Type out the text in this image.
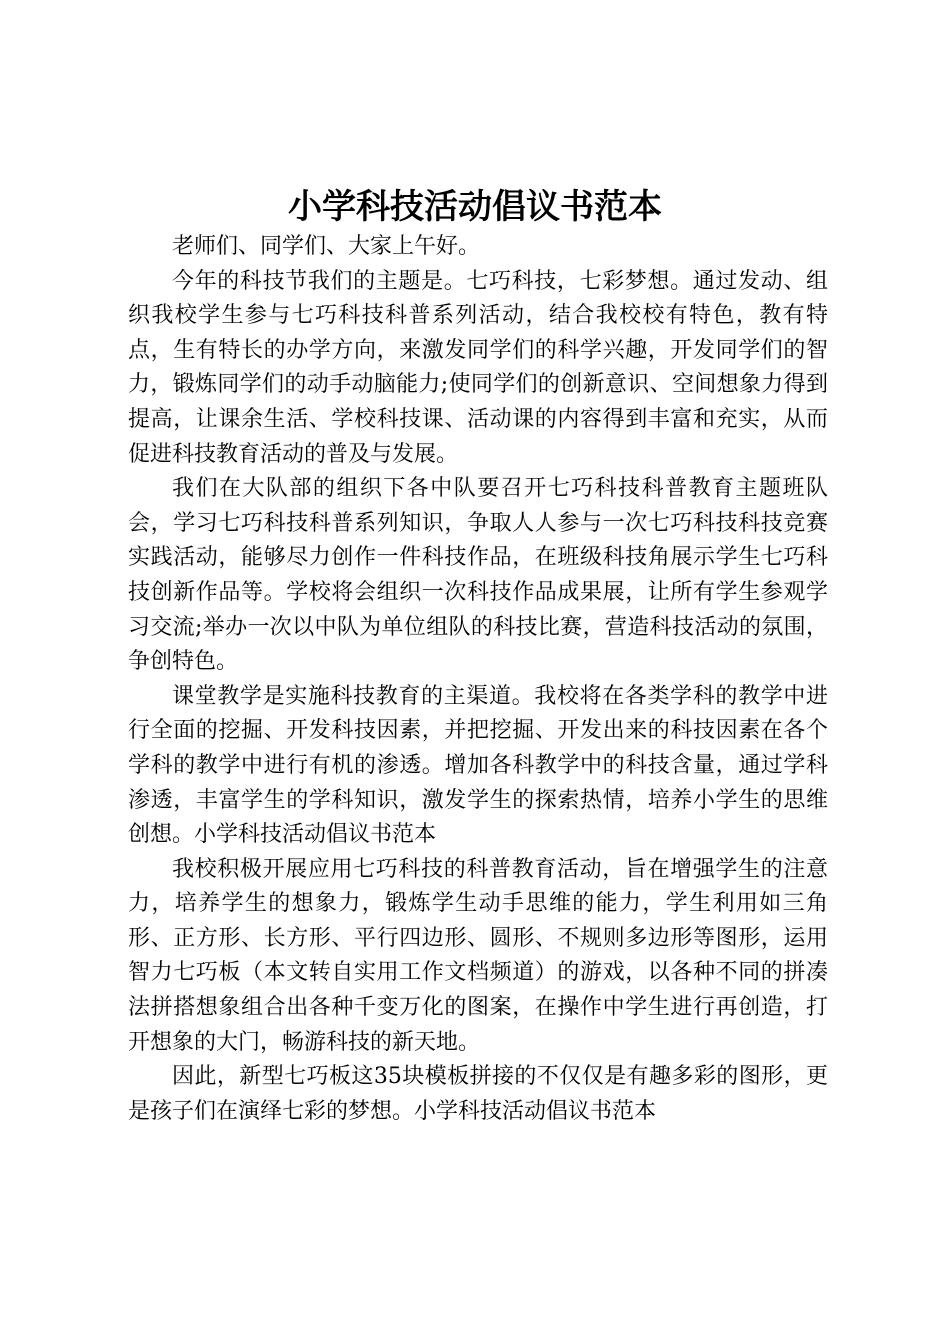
小学科技活动倡议书范本

老师们、同学们、大家上午好。

今年的科技节我们的主题是。七巧科技，七彩梦想。通过发动、组织我校学生参与七巧科技科普系列活动，结合我校校有特色，教有特点，生有特长的办学方向，来激发同学们的科学兴趣，开发同学们的智力，锻炼同学们的动手动脑能力;使同学们的创新意识、空间想象力得到提高，让课余生活、学校科技课、活动课的内容得到丰富和充实，从而促进科技教育活动的普及与发展。

我们在大队部的组织下各中队要召开七巧科技科普教育主题班队会，学习七巧科技科普系列知识，争取人人参与一次七巧科技科技竞赛实践活动，能够尽力创作一件科技作品，在班级科技角展示学生七巧科技创新作品等。学校将会组织一次科技作品成果展，让所有学生参观学习交流;举办一次以中队为单位组队的科技比赛，营造科技活动的氛围，争创特色。

课堂教学是实施科技教育的主渠道。我校将在各类学科的教学中进行全面的挖掘、开发科技因素，并把挖掘、开发出来的科技因素在各个学科的教学中进行有机的渗透。增加各科教学中的科技含量，通过学科渗透，丰富学生的学科知识，激发学生的探索热情，培养小学生的思维创想。小学科技活动倡议书范本

我校积极开展应用七巧科技的科普教育活动，旨在增强学生的注意力，培养学生的想象力，锻炼学生动手思维的能力，学生利用如三角形、正方形、长方形、平行四边形、圆形、不规则多边形等图形，运用智力七巧板（本文转自实用工作文档频道）的游戏，以各种不同的拼凑法拼搭想象组合出各种千变万化的图案，在操作中学生进行再创造，打开想象的大门，畅游科技的新天地。

因此，新型七巧板这35块模板拼接的不仅仅是有趣多彩的图形，更是孩子们在演绎七彩的梦想。小学科技活动倡议书范本
